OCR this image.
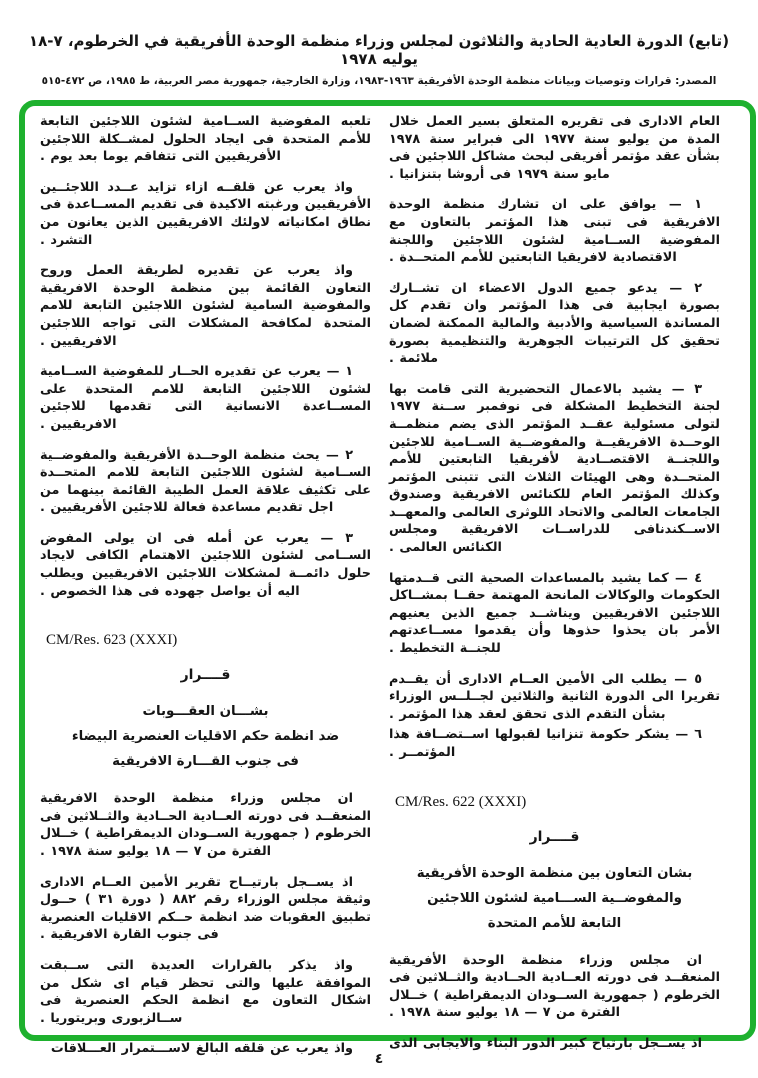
(تابع) الدورة العادية الحادية والثلاثون لمجلس وزراء منظمة الوحدة الأفريقية في الخرطوم، ٧-١٨ يوليه ١٩٧٨
المصدر: قرارات وتوصيات وبيانات منظمة الوحدة الأفريقية ١٩٦٣-١٩٨٣، وزارة الخارجية، جمهورية مصر العربية، ط ١٩٨٥، ص ٤٧٢-٥١٥

العام الادارى فى تقريره المتعلق بسير العمل خلال المدة من يوليو سنة ١٩٧٧ الى فبراير سنة ١٩٧٨ بشأن عقد مؤتمر أفريقى لبحث مشاكل اللاجئين فى مايو سنة ١٩٧٩ فى أروشا بتنزانيا .

١ — يوافق على ان تشارك منظمة الوحدة الافريقية فى تبنى هذا المؤتمر بالتعاون مع المفوضية الســامية لشئون اللاجئين واللجنة الاقتصادية لافريقيا التابعتين للأمم المتحــدة .

٢ — يدعو جميع الدول الاعضاء ان تشــارك بصورة ايجابية فى هذا المؤتمر وان تقدم كل المساندة السياسية والأدبية والمالية الممكنة لضمان تحقيق كل الترتيبات الجوهرية والتنظيمية بصورة ملائمة .

٣ — يشيد بالاعمال التحضيرية التى قامت بها لجنة التخطيط المشكلة فى نوفمبر ســنة ١٩٧٧ لتولى مسئولية عقــد المؤتمر الذى يضم منظمــة الوحــدة الافريقيــة والمفوضــية الســامية للاجئين واللجنــة الاقتصــادية لأفريقيا التابعتين للأمم المتحــدة وهى الهيئات الثلاث التى تتبنى المؤتمر وكذلك المؤتمر العام للكنائس الافريقية وصندوق الجامعات العالمى والاتحاد اللوثرى العالمى والمعهــد الاســكندنافى للدراســات الافريقية ومجلس الكنائس العالمى .

٤ — كما يشيد بالمساعدات الصحية التى قــدمتها الحكومات والوكالات المانحة المهتمة حقــا بمشــاكل اللاجئين الافريقيين ويناشــد جميع الذين يعنيهم الأمر بان يحذوا حذوها وأن يقدموا مســاعدتهم للجنــة التخطيط .

٥ — يطلب الى الأمين العــام الادارى أن يقــدم تقريرا الى الدورة الثانية والثلاثين لجــلــس الوزراء بشأن التقدم الذى تحقق لعقد هذا المؤتمر .

٦ — يشكر حكومة تنزانيا لقبولها اســتضــافة هذا المؤتمــر .

CM/Res. 622 (XXXI)
قــــرار
بشان التعاون بين منظمة الوحدة الأفريقية
والمفوضــية الســـامية لشئون اللاجئين
التابعة للأمم المتحدة

ان مجلس وزراء منظمة الوحدة الأفريقية المنعقــد فى دورته العــادية الحــادية والثــلاثين فى الخرطوم ( جمهورية الســودان الديمقراطية ) خــلال الفترة من ٧ — ١٨ يوليو سنة ١٩٧٨ .

اذ يســجل بارتياح كبير الدور البناء والايجابى الذى

تلعبه المفوضية الســامية لشئون اللاجئين التابعة للأمم المتحدة فى ايجاد الحلول لمشــكلة اللاجئين الأفريقيين التى تتفاقم يوما بعد يوم .

واذ يعرب عن قلقــه ازاء تزايد عــدد اللاجئــين الأفريقيين ورغبته الاكيدة فى تقديم المســاعدة فى نطاق امكانياته لاولئك الافريقيين الذين يعانون من التشرد .

واذ يعرب عن تقديره لطريقة العمل وروح التعاون القائمة بين منظمة الوحدة الافريقية والمفوضية السامية لشئون اللاجئين التابعة للامم المتحدة لمكافحة المشكلات التى تواجه اللاجئين الافريقيين .

١ — يعرب عن تقديره الحــار للمفوضية الســامية لشئون اللاجئين التابعة للامم المتحدة على المســاعدة الانسانية التى تقدمها للاجئين الافريقيين .

٢ — يحث منظمة الوحــدة الأفريقية والمفوضــية الســامية لشئون اللاجئين التابعة للامم المتحــدة على تكثيف علاقة العمل الطيبة القائمة بينهما من اجل تقديم مساعدة فعالة للاجئين الأفريقيين .

٣ — يعرب عن أمله فى ان يولى المفوض الســامى لشئون اللاجئين الاهتمام الكافى لايجاد حلول دائمــة لمشكلات اللاجئين الافريقيين ويطلب اليه أن يواصل جهوده فى هذا الخصوص .

CM/Res. 623 (XXXI)
قــــرار
بشـــان العقـــوبات
ضد انظمة حكم الاقليات العنصرية البيضاء
فى جنوب القـــارة الافريقية

ان مجلس وزراء منظمة الوحدة الافريقية المنعقــد فى دورته العــادية الحــادية والثــلاثين فى الخرطوم ( جمهورية الســودان الديمقراطية ) خــلال الفترة من ٧ — ١٨ يوليو سنة ١٩٧٨ .

اذ يســجل بارتيــاح تقرير الأمين العــام الادارى وثيقة مجلس الوزراء رقم ٨٨٢ ( دورة ٣١ ) حــول تطبيق العقوبات ضد انظمة حــكم الاقليات العنصرية فى جنوب القارة الافريقية .

واذ يذكر بالقرارات العديدة التى ســبقت الموافقة عليها والتى تحظر قيام اى شكل من اشكال التعاون مع انظمة الحكم العنصرية فى ســالزبورى وبريتوريا .

واذ يعرب عن قلقه البالغ لاســـتمرار العـــلاقات

٤
